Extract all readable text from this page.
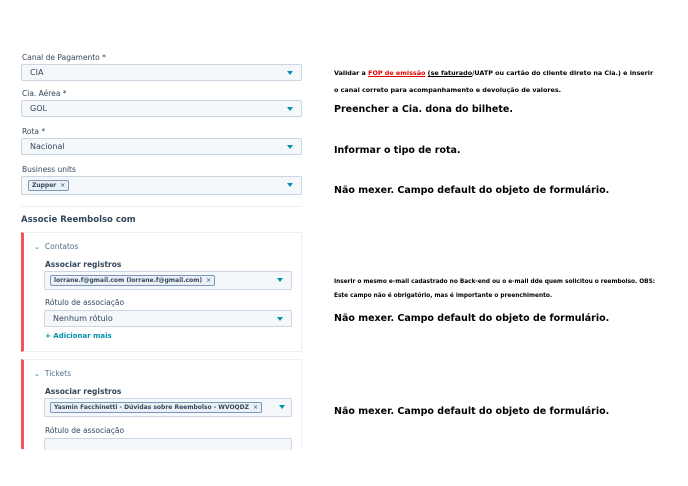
Canal de Pagamento *
CIA
Cia. Aérea *
GOL
Rota *
Nacional
Business units
Zupper ×
Associe Reembolso com
⌄ Contatos
Associar registros
lorrane.f@gmail.com (lorrane.f@gmail.com) ×
Rótulo de associação
Nenhum rótulo
+ Adicionar mais
⌄ Tickets
Associar registros
Yasmin Facchinetti - Dúvidas sobre Reembolso - WVOQDZ ×
Rótulo de associação
Validar a FOP de emissão (se faturado/UATP ou cartão do cliente direto na Cia.) e inserir
o canal correto para acompanhamento e devolução de valores.
Preencher a Cia. dona do bilhete.
Informar o tipo de rota.
Não mexer. Campo default do objeto de formulário.
Inserir o mesmo e-mail cadastrado no Back-end ou o e-mail dde quem solicitou o reembolso. OBS:
Este campo não é obrigatório, mas é importante o preenchimento.
Não mexer. Campo default do objeto de formulário.
Não mexer. Campo default do objeto de formulário.
